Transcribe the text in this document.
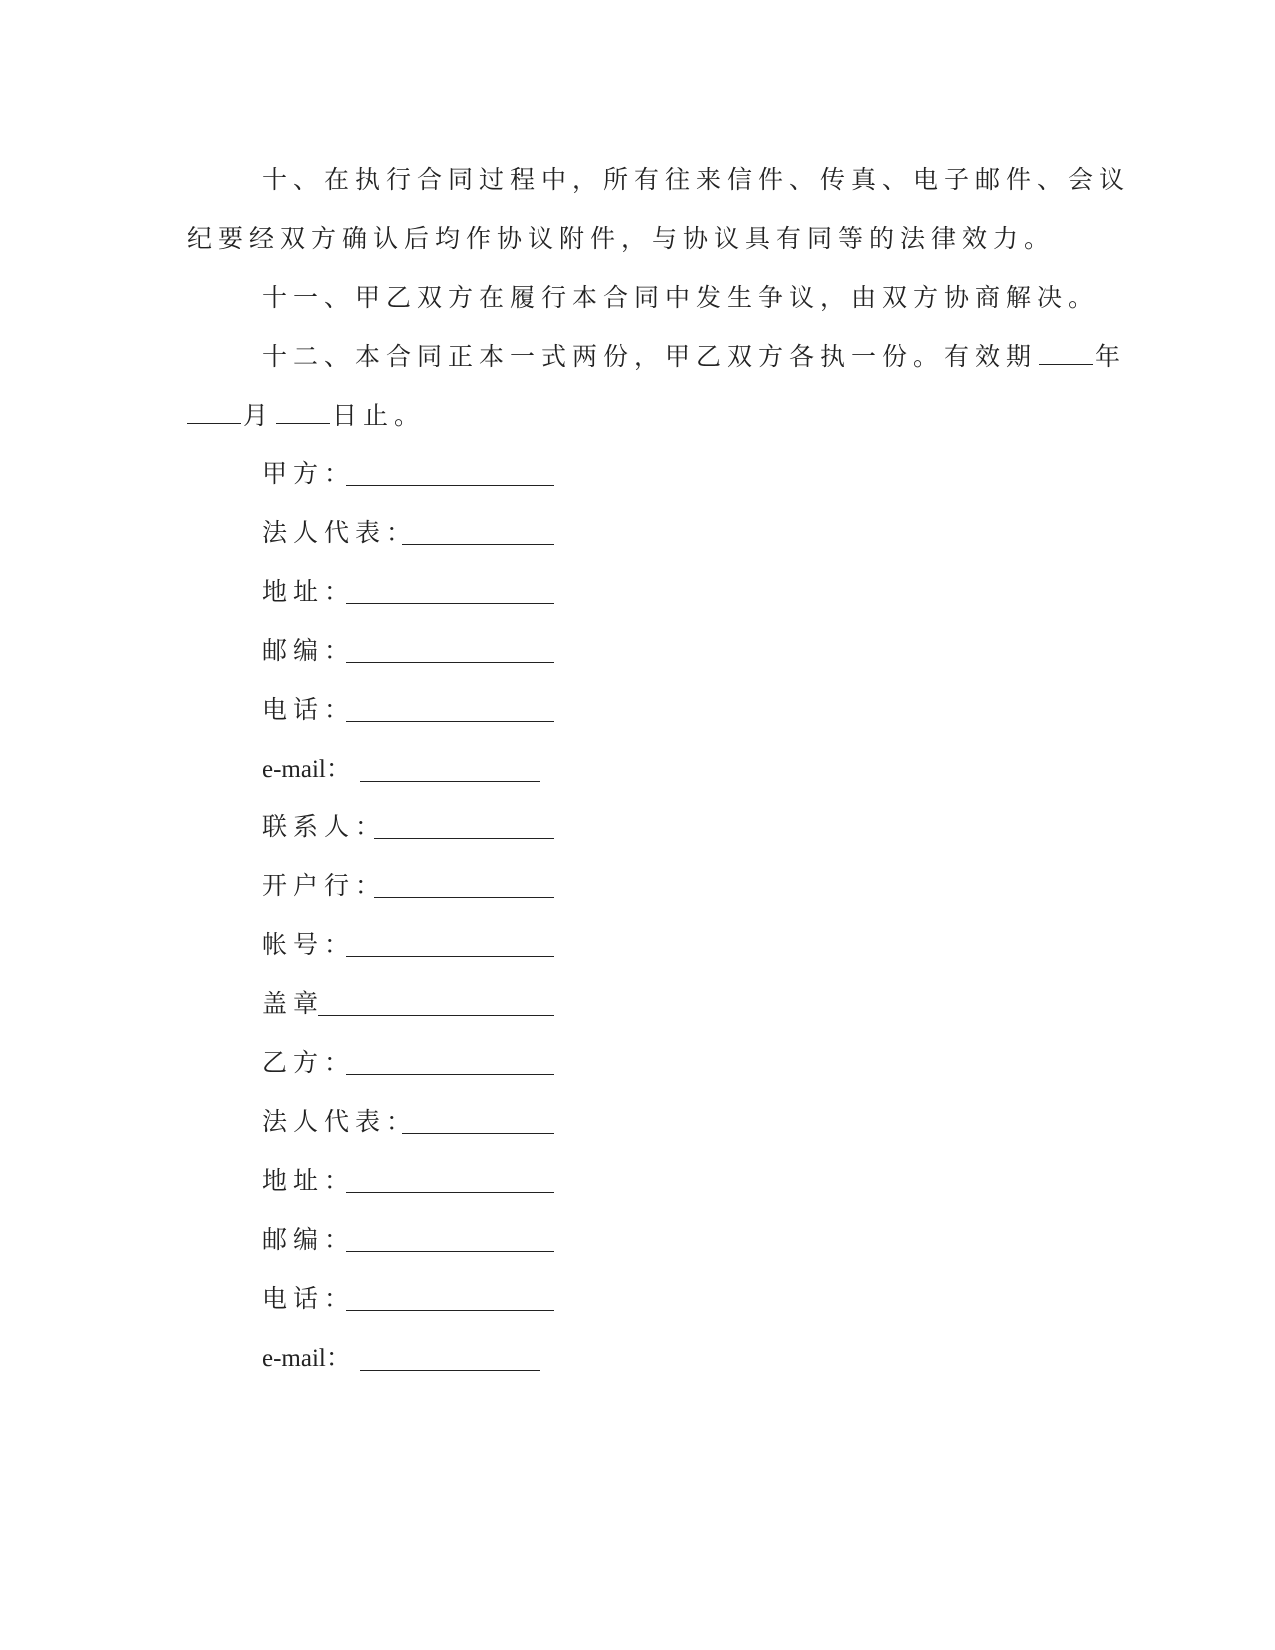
十、在执行合同过程中，所有往来信件、传真、电子邮件、会议
纪要经双方确认后均作协议附件，与协议具有同等的法律效力。
十一、甲乙双方在履行本合同中发生争议，由双方协商解决。
十二、本合同正本一式两份，甲乙双方各执一份。有效期 年
月 日止。
甲方：
法人代表：
地址：
邮编：
电话：
e-mail：
联系人：
开户行：
帐号：
盖章
乙方：
法人代表：
地址：
邮编：
电话：
e-mail：
